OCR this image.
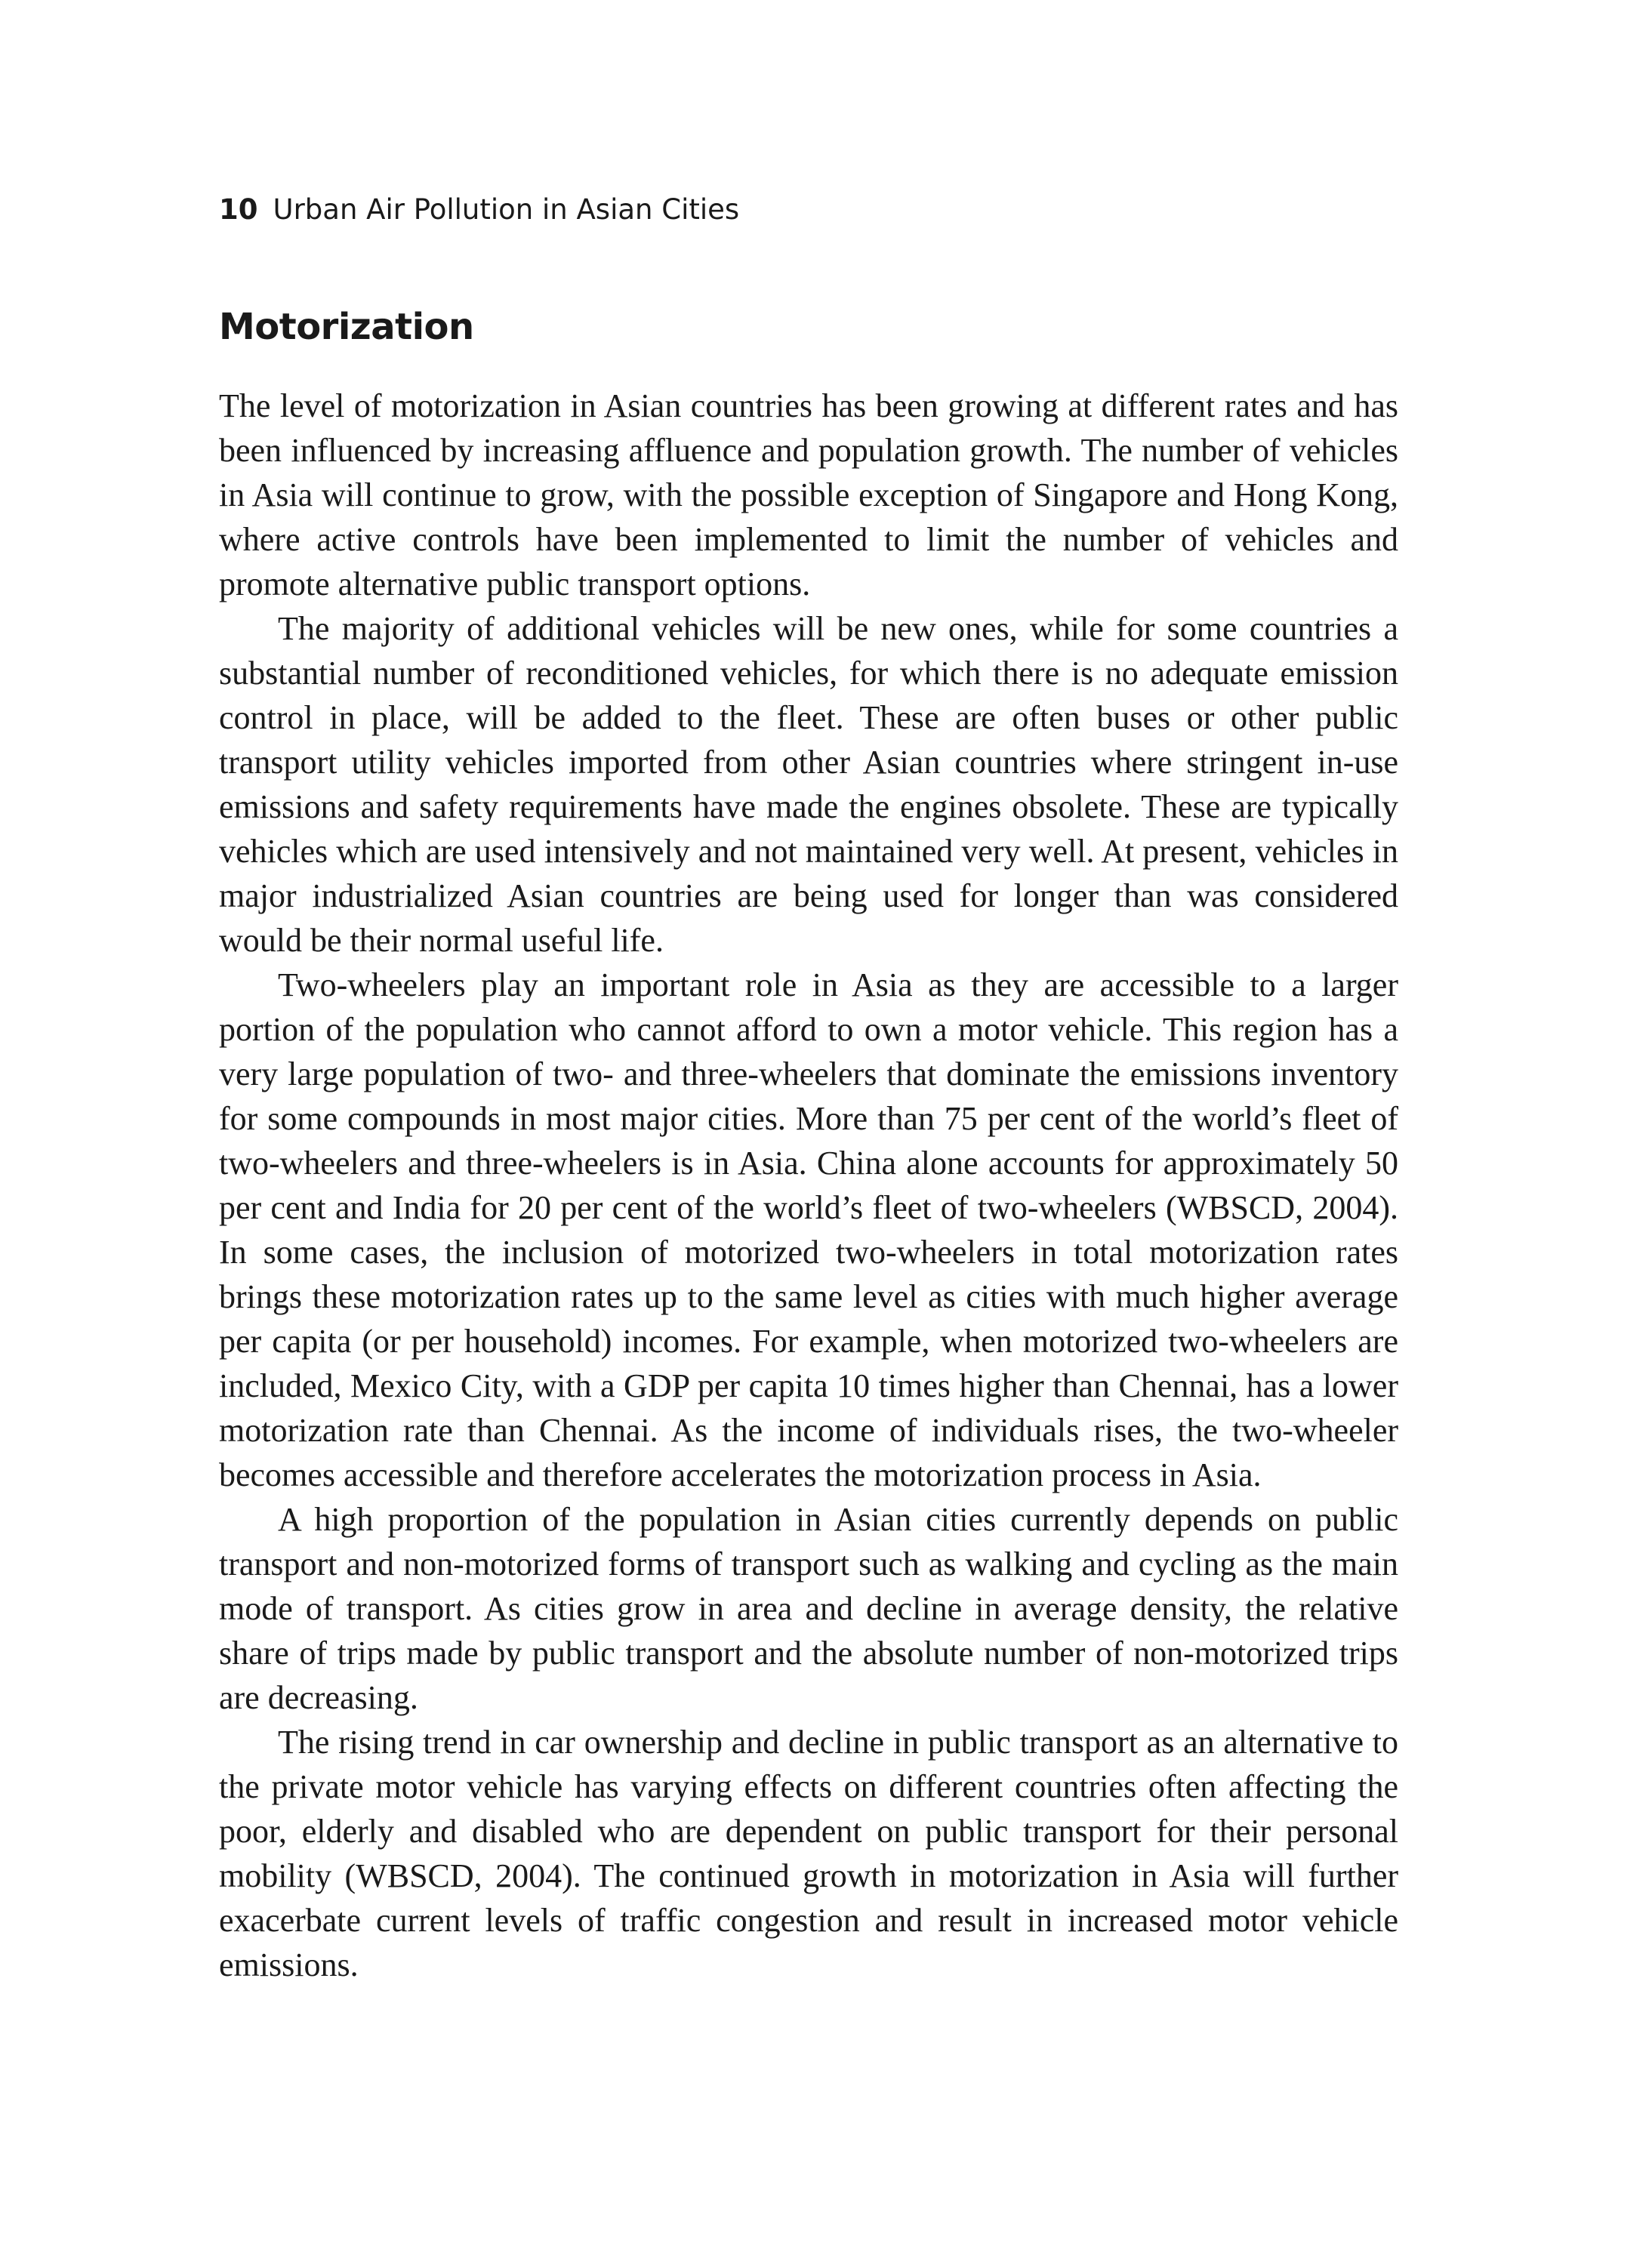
10 Urban Air Pollution in Asian Cities
Motorization

The level of motorization in Asian countries has been growing at different rates and has been influenced by increasing affluence and population growth. The number of vehicles in Asia will continue to grow, with the possible exception of Singapore and Hong Kong, where active controls have been implemented to limit the number of vehicles and promote alternative public transport options.

The majority of additional vehicles will be new ones, while for some countries a substantial number of reconditioned vehicles, for which there is no adequate emission control in place, will be added to the fleet. These are often buses or other public transport utility vehicles imported from other Asian countries where stringent in-use emissions and safety requirements have made the engines obsolete. These are typically vehicles which are used intensively and not maintained very well. At present, vehicles in major industrialized Asian countries are being used for longer than was considered would be their normal useful life.

Two-wheelers play an important role in Asia as they are accessible to a larger portion of the population who cannot afford to own a motor vehicle. This region has a very large population of two- and three-wheelers that dominate the emissions inventory for some compounds in most major cities. More than 75 per cent of the world’s fleet of two-wheelers and three-wheelers is in Asia. China alone accounts for approximately 50 per cent and India for 20 per cent of the world’s fleet of two-wheelers (WBSCD, 2004). In some cases, the inclusion of motorized two-wheelers in total motorization rates brings these motorization rates up to the same level as cities with much higher average per capita (or per household) incomes. For example, when motorized two-wheelers are included, Mexico City, with a GDP per capita 10 times higher than Chennai, has a lower motorization rate than Chennai. As the income of individuals rises, the two-wheeler becomes accessible and therefore accelerates the motorization process in Asia.

A high proportion of the population in Asian cities currently depends on public transport and non-motorized forms of transport such as walking and cycling as the main mode of transport. As cities grow in area and decline in average density, the relative share of trips made by public transport and the absolute number of non-motorized trips are decreasing.

The rising trend in car ownership and decline in public transport as an alternative to the private motor vehicle has varying effects on different countries often affecting the poor, elderly and disabled who are dependent on public transport for their personal mobility (WBSCD, 2004). The continued growth in motorization in Asia will further exacerbate current levels of traffic congestion and result in increased motor vehicle emissions.
